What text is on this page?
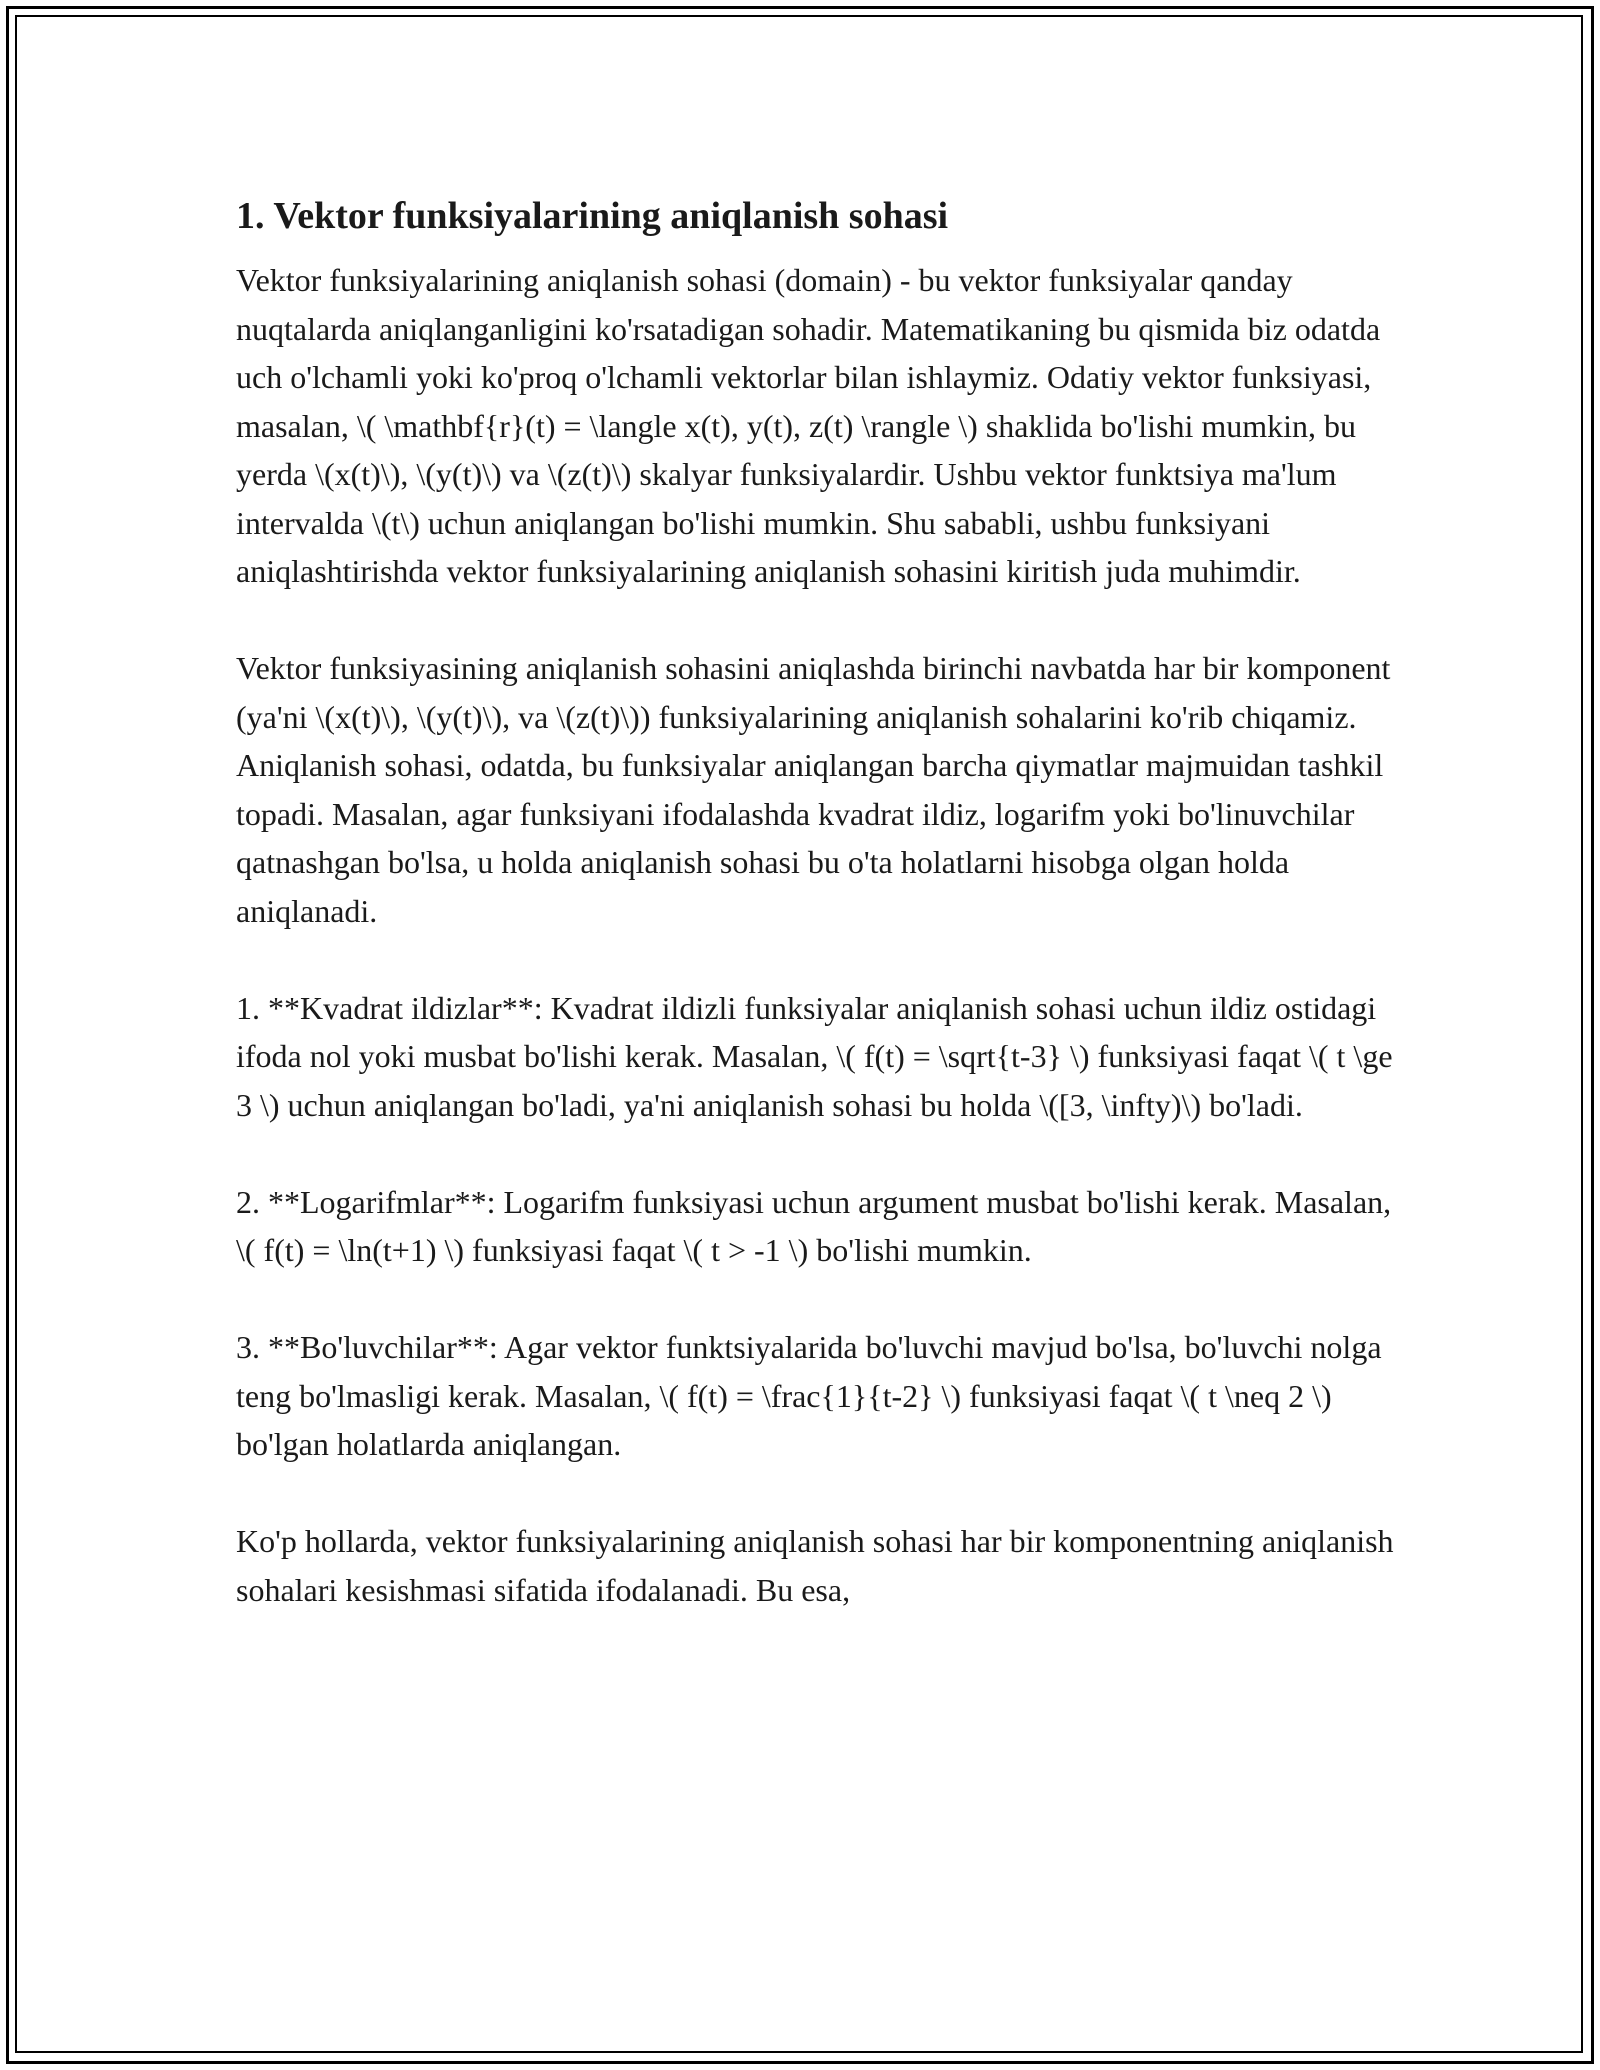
1. Vektor funksiyalarining aniqlanish sohasi

Vektor funksiyalarining aniqlanish sohasi (domain) - bu vektor funksiyalar qanday nuqtalarda aniqlanganligini ko'rsatadigan sohadir. Matematikaning bu qismida biz odatda uch o'lchamli yoki ko'proq o'lchamli vektorlar bilan ishlaymiz. Odatiy vektor funksiyasi, masalan, \( \mathbf{r}(t) = \langle x(t), y(t), z(t) \rangle \) shaklida bo'lishi mumkin, bu yerda \(x(t)\), \(y(t)\) va \(z(t)\) skalyar funksiyalardir. Ushbu vektor funktsiya ma'lum intervalda \(t\) uchun aniqlangan bo'lishi mumkin. Shu sababli, ushbu funksiyani aniqlashtirishda vektor funksiyalarining aniqlanish sohasini kiritish juda muhimdir.

Vektor funksiyasining aniqlanish sohasini aniqlashda birinchi navbatda har bir komponent (ya'ni \(x(t)\), \(y(t)\), va \(z(t)\)) funksiyalarining aniqlanish sohalarini ko'rib chiqamiz. Aniqlanish sohasi, odatda, bu funksiyalar aniqlangan barcha qiymatlar majmuidan tashkil topadi. Masalan, agar funksiyani ifodalashda kvadrat ildiz, logarifm yoki bo'linuvchilar qatnashgan bo'lsa, u holda aniqlanish sohasi bu o'ta holatlarni hisobga olgan holda aniqlanadi.

1. **Kvadrat ildizlar**: Kvadrat ildizli funksiyalar aniqlanish sohasi uchun ildiz ostidagi ifoda nol yoki musbat bo'lishi kerak. Masalan, \( f(t) = \sqrt{t-3} \) funksiyasi faqat \( t \ge 3 \) uchun aniqlangan bo'ladi, ya'ni aniqlanish sohasi bu holda \([3, \infty)\) bo'ladi.

2. **Logarifmlar**: Logarifm funksiyasi uchun argument musbat bo'lishi kerak. Masalan, \( f(t) = \ln(t+1) \) funksiyasi faqat \( t > -1 \) bo'lishi mumkin.

3. **Bo'luvchilar**: Agar vektor funktsiyalarida bo'luvchi mavjud bo'lsa, bo'luvchi nolga teng bo'lmasligi kerak. Masalan, \( f(t) = \frac{1}{t-2} \) funksiyasi faqat \( t \neq 2 \) bo'lgan holatlarda aniqlangan.

Ko'p hollarda, vektor funksiyalarining aniqlanish sohasi har bir komponentning aniqlanish sohalari kesishmasi sifatida ifodalanadi. Bu esa,
